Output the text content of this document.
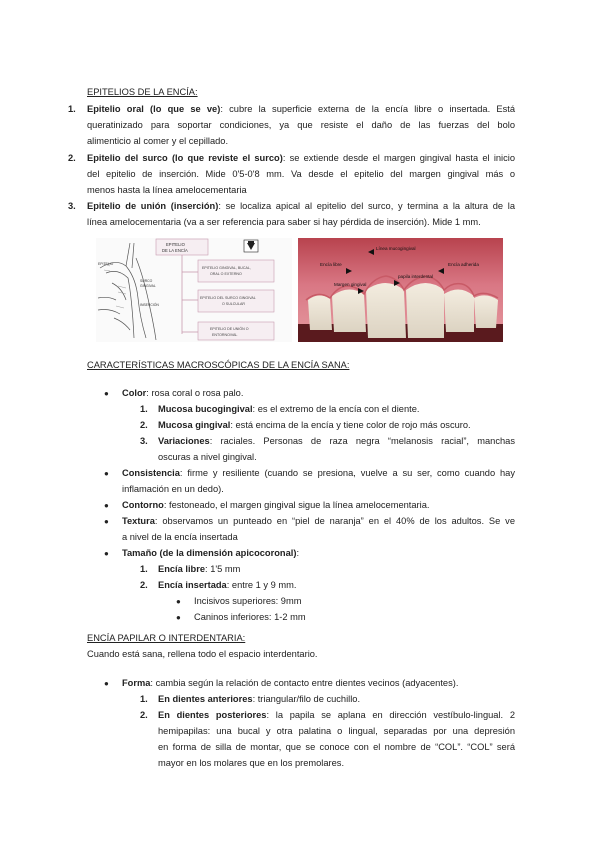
EPITELIOS DE LA ENCÍA:
1. Epitelio oral (lo que se ve): cubre la superficie externa de la encía libre o insertada. Está
queratinizado para soportar condiciones, ya que resiste el daño de las fuerzas del bolo
alimenticio al comer y el cepillado.
2. Epitelio del surco (lo que reviste el surco): se extiende desde el margen gingival hasta el inicio
del epitelio de inserción. Mide 0'5-0'8 mm. Va desde el epitelio del margen gingival más o
menos hasta la línea amelocementaria
3. Epitelio de unión (inserción): se localiza apical al epitelio del surco, y termina a la altura de la
línea amelocementaria (va a ser referencia para saber si hay pérdida de inserción). Mide 1 mm.
EPITELIO
SURCO
GINGIVAL
INSERCIÓN
EPITELIO
DE LA ENCÍA
EPITELIO GINGIVAL, BUCAL,
ORAL O EXTERNO
EPITELIO DEL SURCO GINGIVAL
O SULCULAR
EPITELIO DE UNIÓN O
ENTORNO/VAL
Línea mucogingival
Encía libre	Encía adherida
papila interdental
Margen gingival
CARACTERÍSTICAS MACROSCÓPICAS DE LA ENCÍA SANA:
● Color: rosa coral o rosa palo.
1. Mucosa bucogingival: es el extremo de la encía con el diente.
2. Mucosa gingival: está encima de la encía y tiene color de rojo más oscuro.
3. Variaciones: raciales. Personas de raza negra “melanosis racial”, manchas
oscuras a nivel gingival.
● Consistencia: firme y resiliente (cuando se presiona, vuelve a su ser, como cuando hay
inflamación en un dedo).
● Contorno: festoneado, el margen gingival sigue la línea amelocementaria.
● Textura: observamos un punteado en “piel de naranja” en el 40% de los adultos. Se ve
a nivel de la encía insertada
● Tamaño (de la dimensión apicocoronal):
1. Encía libre: 1'5 mm
2. Encía insertada: entre 1 y 9 mm.
● Incisivos superiores: 9mm
● Caninos inferiores: 1-2 mm
ENCÍA PAPILAR O INTERDENTARIA:
Cuando está sana, rellena todo el espacio interdentario.
● Forma: cambia según la relación de contacto entre dientes vecinos (adyacentes).
1. En dientes anteriores: triangular/filo de cuchillo.
2. En dientes posteriores: la papila se aplana en dirección vestíbulo-lingual. 2
hemipapilas: una bucal y otra palatina o lingual, separadas por una depresión
en forma de silla de montar, que se conoce con el nombre de “COL”. “COL” será
mayor en los molares que en los premolares.
